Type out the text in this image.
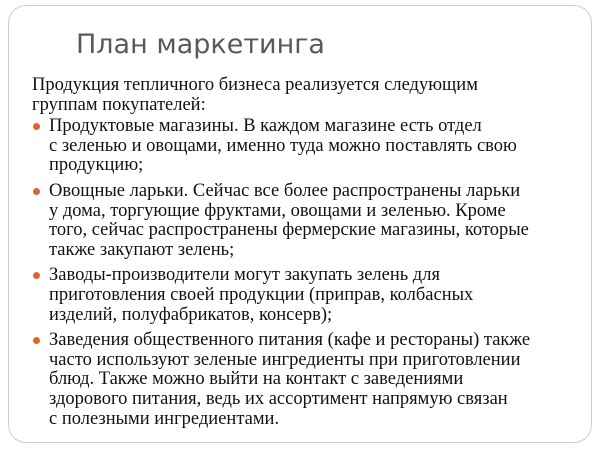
План маркетинга

Продукция тепличного бизнеса реализуется следующим
группам покупателей:

Продуктовые магазины. В каждом магазине есть отдел
с зеленью и овощами, именно туда можно поставлять свою
продукцию;
Овощные ларьки. Сейчас все более распространены ларьки
у дома, торгующие фруктами, овощами и зеленью. Кроме
того, сейчас распространены фермерские магазины, которые
также закупают зелень;
Заводы-производители могут закупать зелень для
приготовления своей продукции (приправ, колбасных
изделий, полуфабрикатов, консерв);
Заведения общественного питания (кафе и рестораны) также
часто используют зеленые ингредиенты при приготовлении
блюд. Также можно выйти на контакт с заведениями
здорового питания, ведь их ассортимент напрямую связан
с полезными ингредиентами.
